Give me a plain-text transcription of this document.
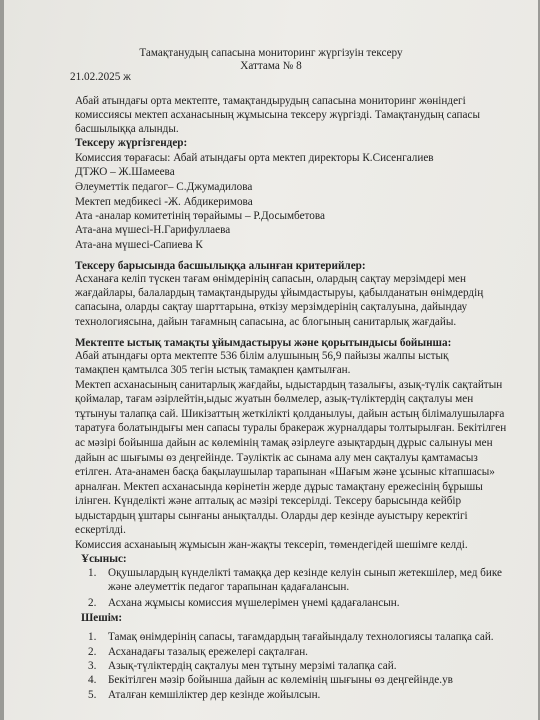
Тамақтанудың сапасына мониторинг жүргізуін тексеру
Хаттама № 8
21.02.2025 ж
Абай атындағы орта мектепте, тамақтандырудың сапасына мониторинг жөніндегі
комиссиясы мектеп асханасының жұмысына тексеру жүргізді. Тамақтанудың сапасы
басшылыққа алынды.
Тексеру жүргізгендер:
Комиссия төрағасы: Абай атындағы орта мектеп директоры К.Сисенгалиев
ДТЖО – Ж.Шамеева
Әлеуметтік педагог– С.Джумадилова
Мектеп медбикесі -Ж. Абдикеримова
Ата -аналар комитетінің төрайымы – Р.Досымбетова
Ата-ана мүшесі-Н.Гарифуллаева
Ата-ана мүшесі-Сапиева К
Тексеру барысында басшылыққа алынған критерийлер:
Асханаға келіп түскен тағам өнімдерінің сапасын, олардың сақтау мерзімдері мен
жағдайлары, балалардың тамақтандыруды ұйымдастыруы, қабылданатын өнімдердің
сапасына, оларды сақтау шарттарына, өткізу мерзімдерінің сақталуына, дайындау
технологиясына, дайын тағамның сапасына, ас блогының санитарлық жағдайы.
Мектепте ыстық тамақты ұйымдастыруы және қорытындысы бойынша:
Абай атындағы орта мектепте 536 білім алушының 56,9 пайызы жалпы ыстық
тамақпен қамтылса 305 тегін ыстық тамақпен қамтылған.
Мектеп асханасының санитарлық жағдайы, ыдыстардың тазалығы, азық-түлік сақтайтын
қоймалар, тағам әзірлейтін,ыдыс жуатын бөлмелер, азық-түліктердің сақталуы мен
тұтынуы талапқа сай. Шикізаттың жеткілікті қолданылуы, дайын астың білімалушыларға
таратуға болатындығы мен сапасы туралы бракераж журналдары толтырылған. Бекітілген
ас мәзірі бойынша дайын ас көлемінің тамақ әзірлеуге азықтардың дұрыс салынуы мен
дайын ас шығымы өз деңгейінде. Тәуліктік ас сынама алу мен сақталуы қамтамасыз
етілген. Ата-анамен басқа бақылаушылар тарапынан «Шағым және ұсыныс кітапшасы»
арналған. Мектеп асханасында көрінетін жерде дұрыс тамақтану ережесінің бұрышы
ілінген. Күнделікті және апталық ас мәзірі тексерілді. Тексеру барысында кейбір
ыдыстардың ұштары сынғаны анықталды. Оларды дер кезінде ауыстыру керектігі
ескертілді.
Комиссия асханаыың жұмысын жан-жақты тексеріп, төмендегідей шешімге келді.
Ұсыныс:
1. Оқушылардың күнделікті тамаққа дер кезінде келуін сынып жетекшілер, мед бике
және әлеуметтік педагог тарапынан қадағалансын.
2. Асхана жұмысы комиссия мүшелерімен үнемі қадағалансын.
Шешім:
1. Тамақ өнімдерінің сапасы, тағамдардың тағайындалу технологиясы талапқа сай.
2. Асханадағы тазалық ережелері сақталған.
3. Азық-түліктердің сақталуы мен тұтыну мерзімі талапқа сай.
4. Бекітілген мәзір бойынша дайын ас көлемінің шығыны өз деңгейінде.ув
5. Аталған кемшіліктер дер кезінде жойылсын.
